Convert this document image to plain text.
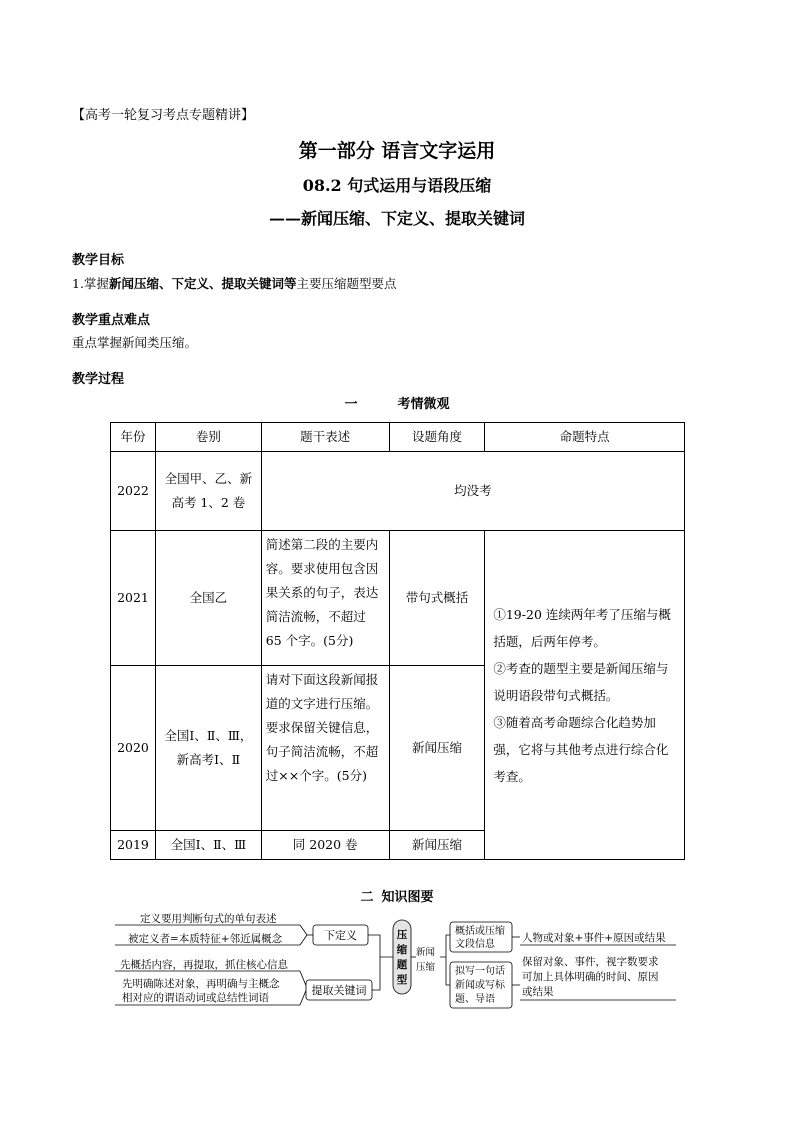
【高考一轮复习考点专题精讲】
第一部分 语言文字运用
08.2 句式运用与语段压缩
——新闻压缩、下定义、提取关键词
教学目标
1.掌握新闻压缩、下定义、提取关键词等主要压缩题型要点
教学重点难点
重点掌握新闻类压缩。
教学过程
一	考情微观
年份	卷别	题干表述	设题角度	命题特点
2022	全国甲、乙、新高考 1、2 卷	均没考		
2021	全国乙	简述第二段的主要内容。要求使用包含因果关系的句子，表达简洁流畅，不超过 65 个字。(5分)	带句式概括	①19-20 连续两年考了压缩与概括题，后两年停考。
②考查的题型主要是新闻压缩与说明语段带句式概括。
③随着高考命题综合化趋势加强，它将与其他考点进行综合化考查。

2020	全国Ⅰ、Ⅱ、Ⅲ，新高考Ⅰ、Ⅱ	请对下面这段新闻报道的文字进行压缩。要求保留关键信息，句子简洁流畅，不超过××个字。(5分)	新闻压缩	
2019	全国Ⅰ、Ⅱ、Ⅲ	同 2020 卷	新闻压缩	
二 知识图要
定义要用判断句式的单句表述
被定义者=本质特征+邻近属概念
先概括内容，再提取，抓住核心信息
先明确陈述对象，再明确与主概念
相对应的谓语动词或总结性词语
下定义
提取关键词
压
缩
题
型
新闻
压缩
概括或压缩
文段信息
拟写一句话
新闻或写标
题、导语
人物或对象+事件+原因或结果
保留对象、事件，视字数要求
可加上具体明确的时间、原因
或结果
